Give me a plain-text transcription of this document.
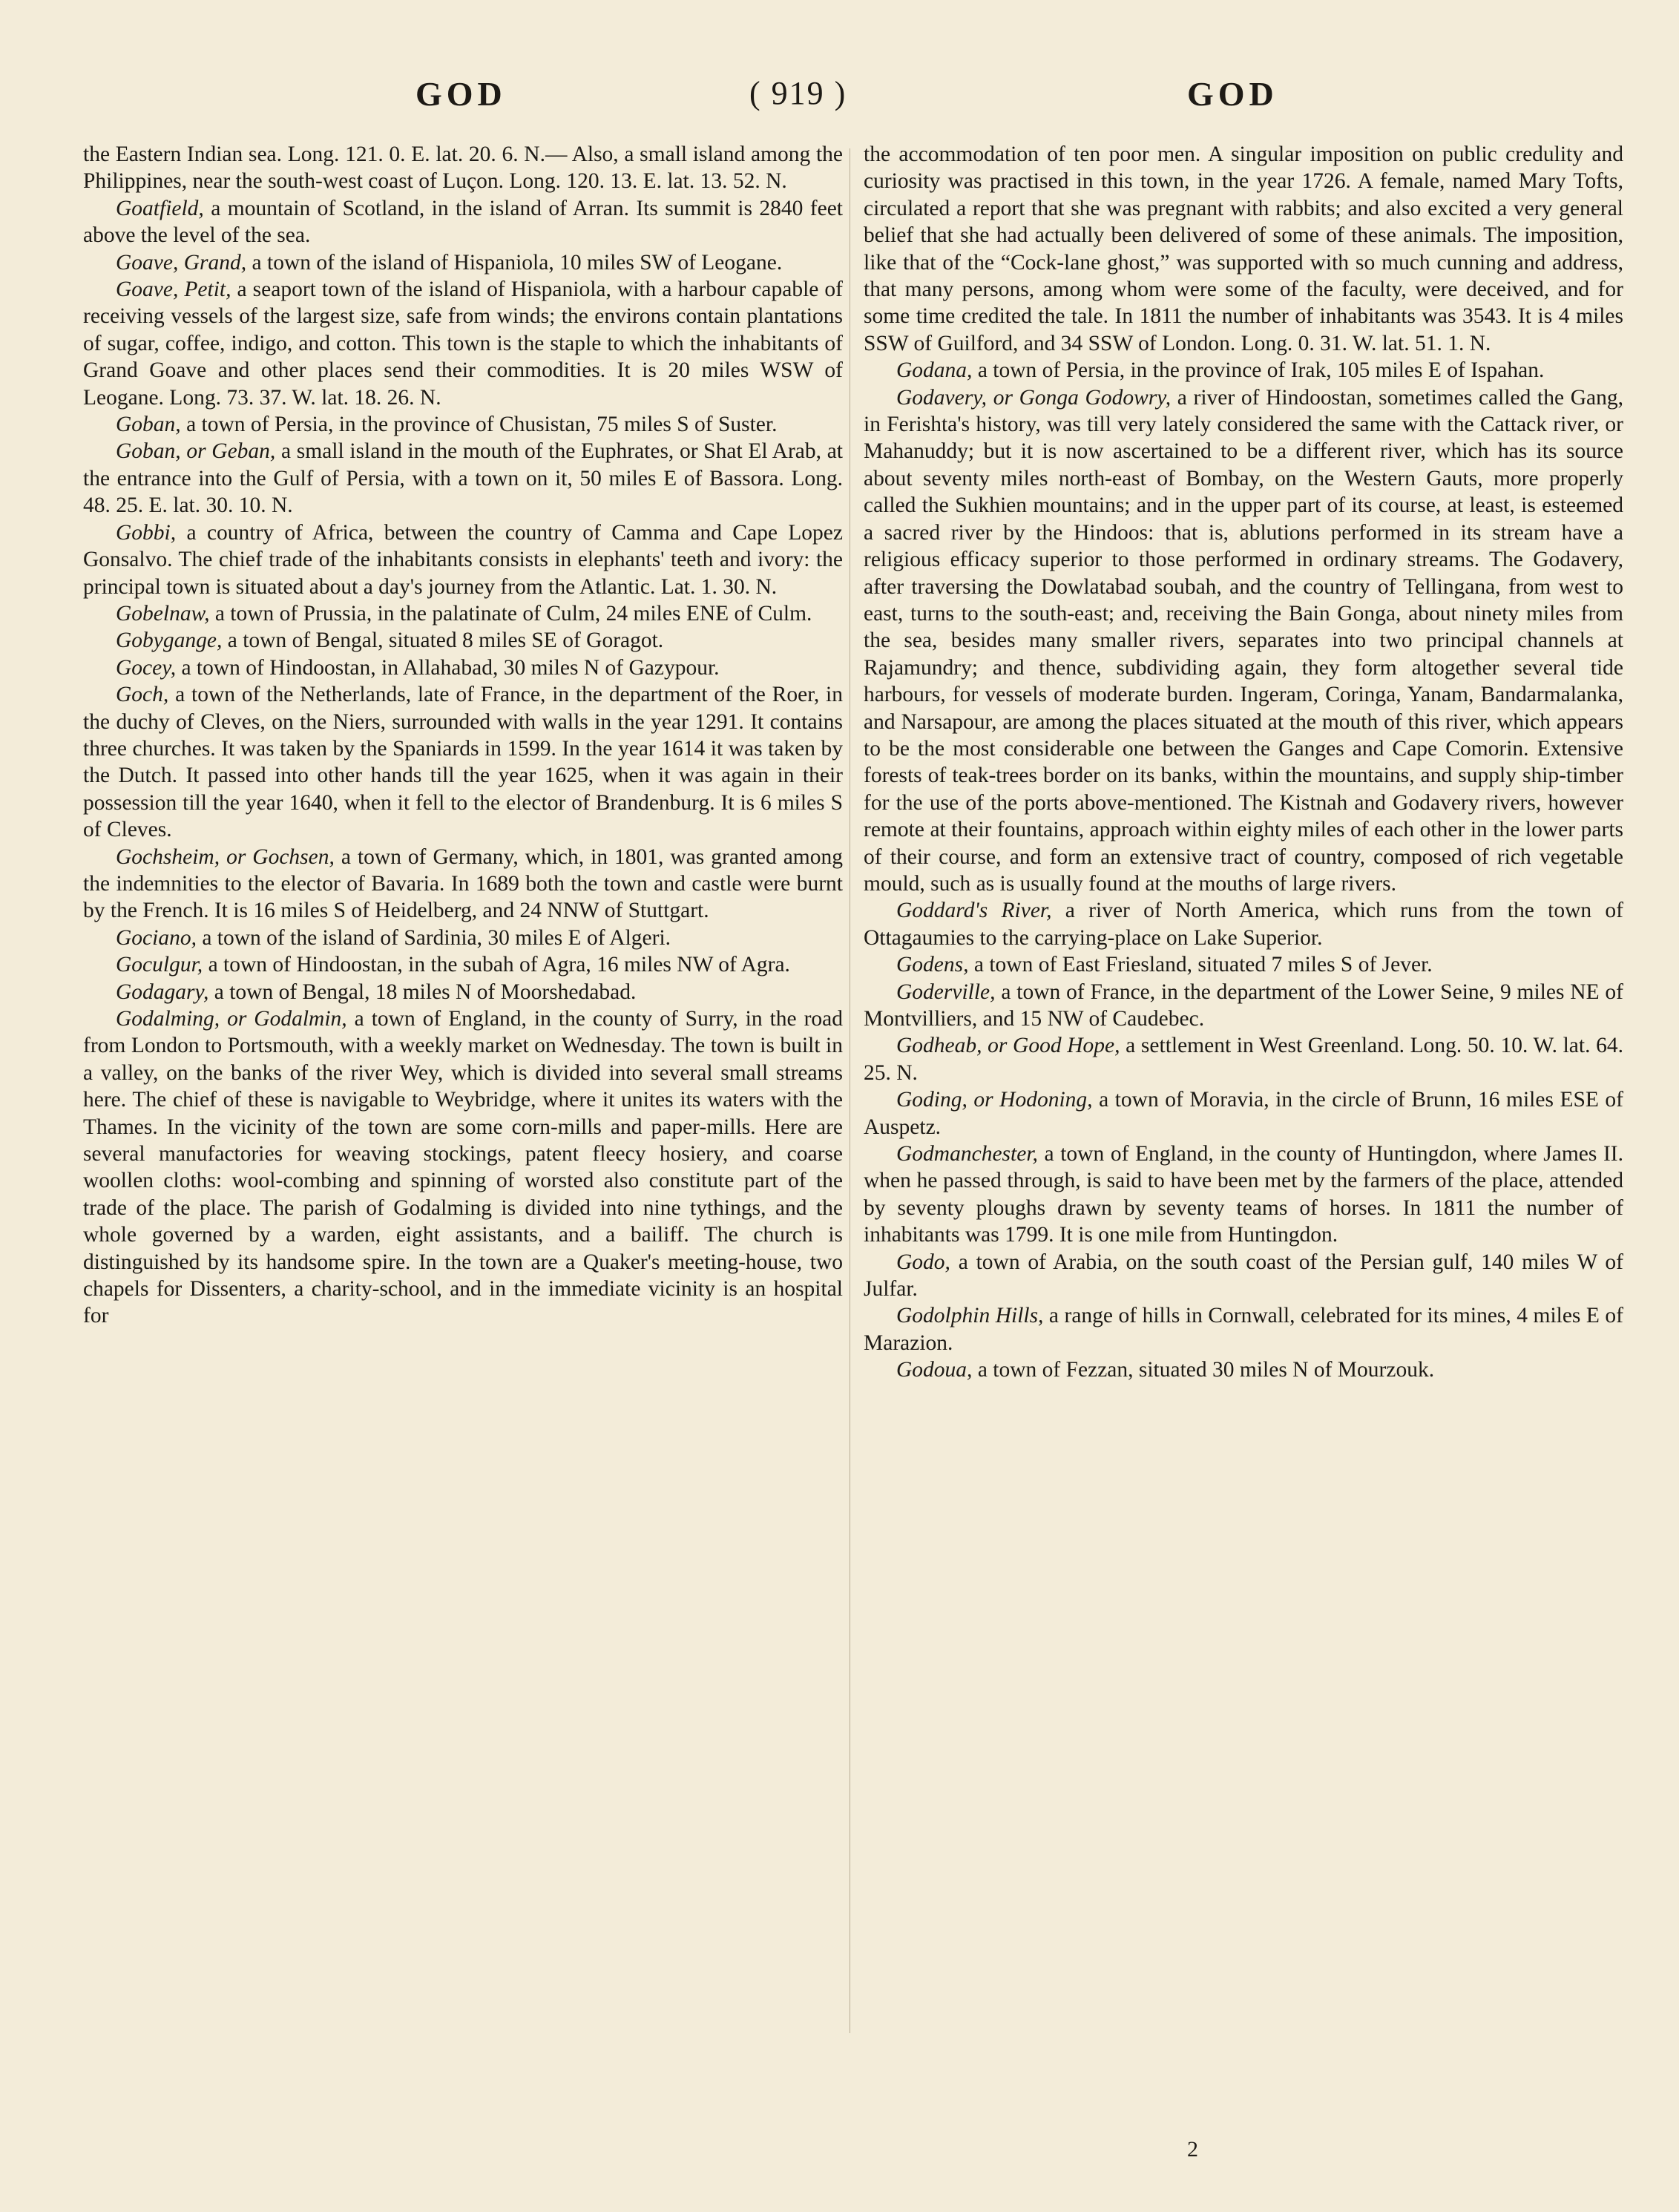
GOD	( 919 )	GOD

the Eastern Indian sea. Long. 121. 0. E. lat. 20. 6. N.— Also, a small island among the Philippines, near the south-west coast of Luçon. Long. 120. 13. E. lat. 13. 52. N.

Goatfield, a mountain of Scotland, in the island of Arran. Its summit is 2840 feet above the level of the sea.

Goave, Grand, a town of the island of Hispaniola, 10 miles SW of Leogane.

Goave, Petit, a seaport town of the island of Hispaniola, with a harbour capable of receiving vessels of the largest size, safe from winds; the environs contain plantations of sugar, coffee, indigo, and cotton. This town is the staple to which the inhabitants of Grand Goave and other places send their commodities. It is 20 miles WSW of Leogane. Long. 73. 37. W. lat. 18. 26. N.

Goban, a town of Persia, in the province of Chusistan, 75 miles S of Suster.

Goban, or Geban, a small island in the mouth of the Euphrates, or Shat El Arab, at the entrance into the Gulf of Persia, with a town on it, 50 miles E of Bassora. Long. 48. 25. E. lat. 30. 10. N.

Gobbi, a country of Africa, between the country of Camma and Cape Lopez Gonsalvo. The chief trade of the inhabitants consists in elephants' teeth and ivory: the principal town is situated about a day's journey from the Atlantic. Lat. 1. 30. N.

Gobelnaw, a town of Prussia, in the palatinate of Culm, 24 miles ENE of Culm.

Gobygange, a town of Bengal, situated 8 miles SE of Goragot.

Gocey, a town of Hindoostan, in Allahabad, 30 miles N of Gazypour.

Goch, a town of the Netherlands, late of France, in the department of the Roer, in the duchy of Cleves, on the Niers, surrounded with walls in the year 1291. It contains three churches. It was taken by the Spaniards in 1599. In the year 1614 it was taken by the Dutch. It passed into other hands till the year 1625, when it was again in their possession till the year 1640, when it fell to the elector of Brandenburg. It is 6 miles S of Cleves.

Gochsheim, or Gochsen, a town of Germany, which, in 1801, was granted among the indemnities to the elector of Bavaria. In 1689 both the town and castle were burnt by the French. It is 16 miles S of Heidelberg, and 24 NNW of Stuttgart.

Gociano, a town of the island of Sardinia, 30 miles E of Algeri.

Goculgur, a town of Hindoostan, in the subah of Agra, 16 miles NW of Agra.

Godagary, a town of Bengal, 18 miles N of Moorshedabad.

Godalming, or Godalmin, a town of England, in the county of Surry, in the road from London to Portsmouth, with a weekly market on Wednesday. The town is built in a valley, on the banks of the river Wey, which is divided into several small streams here. The chief of these is navigable to Weybridge, where it unites its waters with the Thames. In the vicinity of the town are some corn-mills and paper-mills. Here are several manufactories for weaving stockings, patent fleecy hosiery, and coarse woollen cloths: wool-combing and spinning of worsted also constitute part of the trade of the place. The parish of Godalming is divided into nine tythings, and the whole governed by a warden, eight assistants, and a bailiff. The church is distinguished by its handsome spire. In the town are a Quaker's meeting-house, two chapels for Dissenters, a charity-school, and in the immediate vicinity is an hospital for

the accommodation of ten poor men. A singular imposition on public credulity and curiosity was practised in this town, in the year 1726. A female, named Mary Tofts, circulated a report that she was pregnant with rabbits; and also excited a very general belief that she had actually been delivered of some of these animals. The imposition, like that of the “Cock-lane ghost,” was supported with so much cunning and address, that many persons, among whom were some of the faculty, were deceived, and for some time credited the tale. In 1811 the number of inhabitants was 3543. It is 4 miles SSW of Guilford, and 34 SSW of London. Long. 0. 31. W. lat. 51. 1. N.

Godana, a town of Persia, in the province of Irak, 105 miles E of Ispahan.

Godavery, or Gonga Godowry, a river of Hindoostan, sometimes called the Gang, in Ferishta's history, was till very lately considered the same with the Cattack river, or Mahanuddy; but it is now ascertained to be a different river, which has its source about seventy miles north-east of Bombay, on the Western Gauts, more properly called the Sukhien mountains; and in the upper part of its course, at least, is esteemed a sacred river by the Hindoos: that is, ablutions performed in its stream have a religious efficacy superior to those performed in ordinary streams. The Godavery, after traversing the Dowlatabad soubah, and the country of Tellingana, from west to east, turns to the south-east; and, receiving the Bain Gonga, about ninety miles from the sea, besides many smaller rivers, separates into two principal channels at Rajamundry; and thence, subdividing again, they form altogether several tide harbours, for vessels of moderate burden. Ingeram, Coringa, Yanam, Bandarmalanka, and Narsapour, are among the places situated at the mouth of this river, which appears to be the most considerable one between the Ganges and Cape Comorin. Extensive forests of teak-trees border on its banks, within the mountains, and supply ship-timber for the use of the ports above-mentioned. The Kistnah and Godavery rivers, however remote at their fountains, approach within eighty miles of each other in the lower parts of their course, and form an extensive tract of country, composed of rich vegetable mould, such as is usually found at the mouths of large rivers.

Goddard's River, a river of North America, which runs from the town of Ottagaumies to the carrying-place on Lake Superior.

Godens, a town of East Friesland, situated 7 miles S of Jever.

Goderville, a town of France, in the department of the Lower Seine, 9 miles NE of Montvilliers, and 15 NW of Caudebec.

Godheab, or Good Hope, a settlement in West Greenland. Long. 50. 10. W. lat. 64. 25. N.

Goding, or Hodoning, a town of Moravia, in the circle of Brunn, 16 miles ESE of Auspetz.

Godmanchester, a town of England, in the county of Huntingdon, where James II. when he passed through, is said to have been met by the farmers of the place, attended by seventy ploughs drawn by seventy teams of horses. In 1811 the number of inhabitants was 1799. It is one mile from Huntingdon.

Godo, a town of Arabia, on the south coast of the Persian gulf, 140 miles W of Julfar.

Godolphin Hills, a range of hills in Cornwall, celebrated for its mines, 4 miles E of Marazion.

Godoua, a town of Fezzan, situated 30 miles N of Mourzouk.

2
